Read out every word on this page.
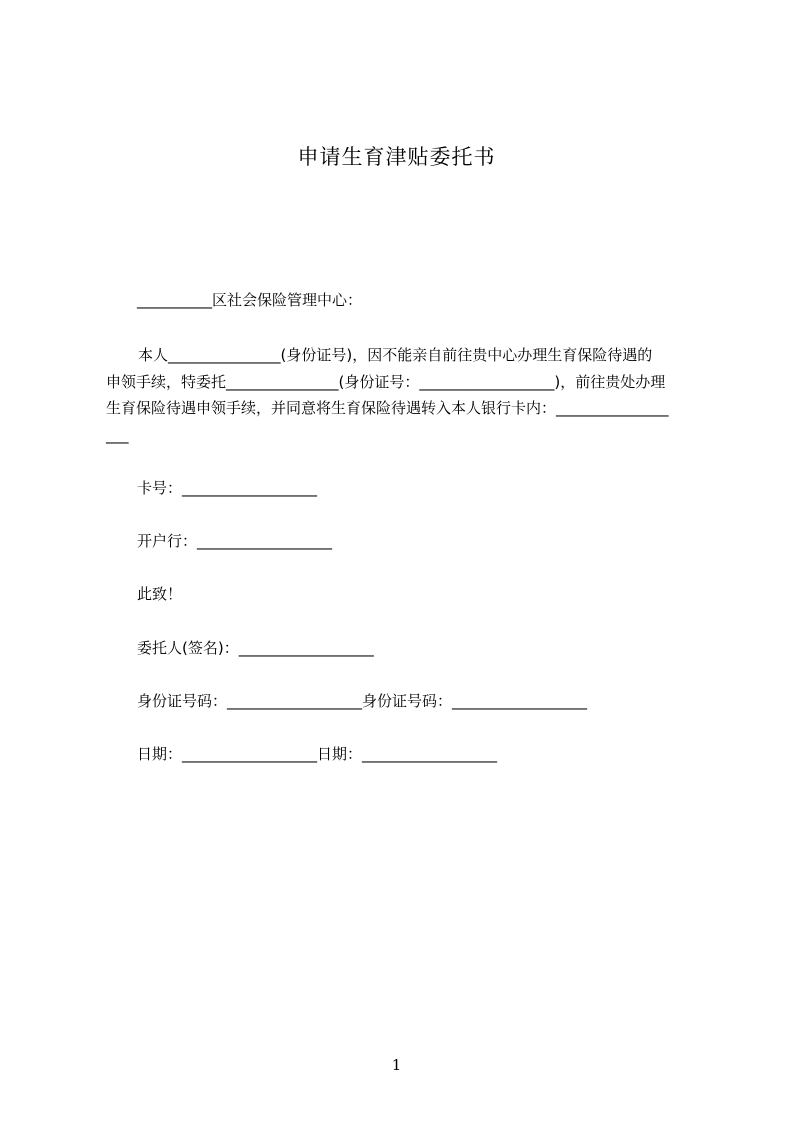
申请生育津贴委托书
__________区社会保险管理中心：
本人_______________(身份证号)，因不能亲自前往贵中心办理生育保险待遇的
申领手续，特委托_______________(身份证号：__________________)，前往贵处办理
生育保险待遇申领手续，并同意将生育保险待遇转入本人银行卡内：_______________
___
卡号：__________________
开户行：__________________
此致！
委托人(签名)：__________________
身份证号码：__________________身份证号码：__________________
日期：__________________日期：__________________
1
